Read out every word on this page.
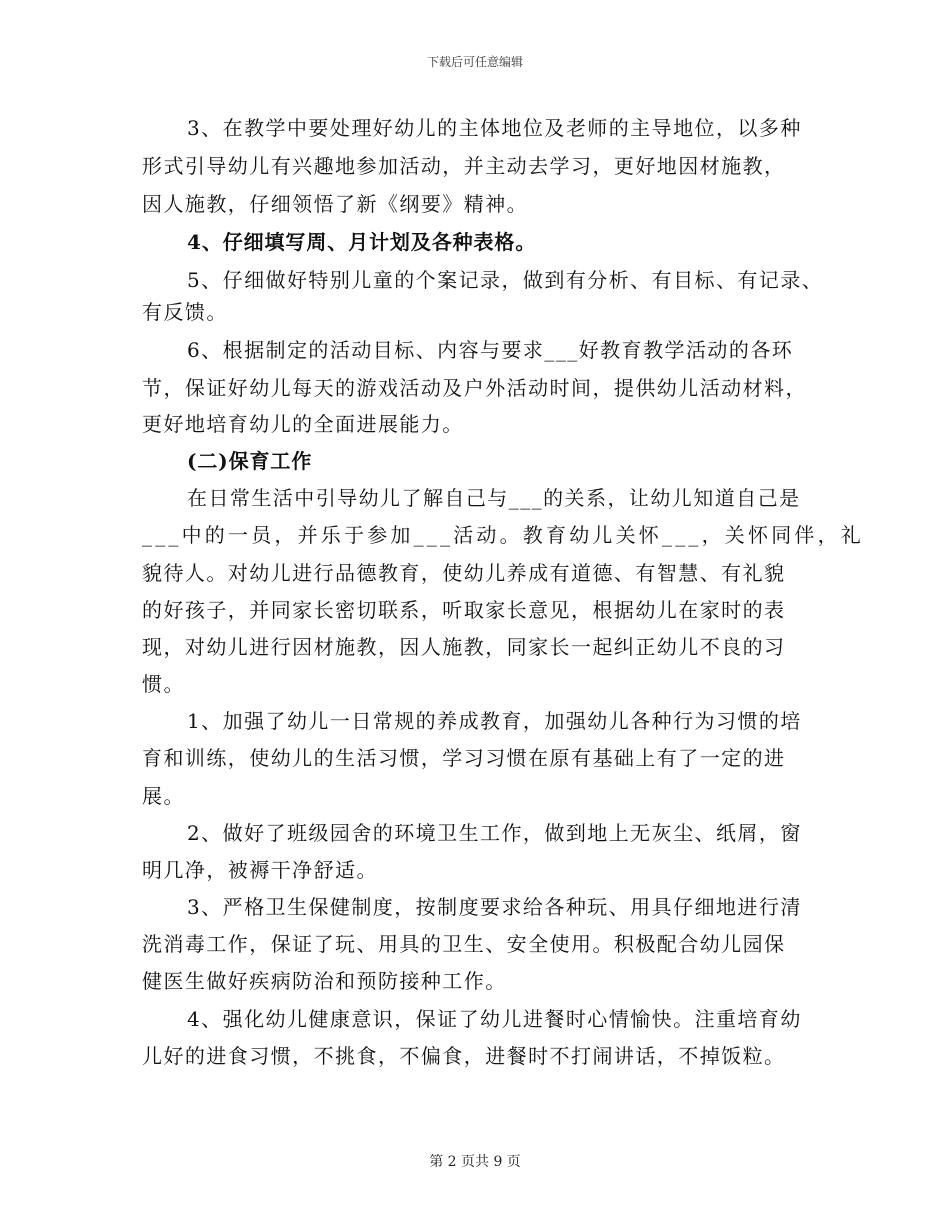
下载后可任意编辑
3、在教学中要处理好幼儿的主体地位及老师的主导地位，以多种
形式引导幼儿有兴趣地参加活动，并主动去学习，更好地因材施教，
因人施教，仔细领悟了新《纲要》精神。
4、仔细填写周、月计划及各种表格。
5、仔细做好特别儿童的个案记录，做到有分析、有目标、有记录、
有反馈。
6、根据制定的活动目标、内容与要求___好教育教学活动的各环
节，保证好幼儿每天的游戏活动及户外活动时间，提供幼儿活动材料，
更好地培育幼儿的全面进展能力。
(二)保育工作
在日常生活中引导幼儿了解自己与___的关系，让幼儿知道自己是
___中的一员，并乐于参加___活动。教育幼儿关怀___，关怀同伴，礼
貌待人。对幼儿进行品德教育，使幼儿养成有道德、有智慧、有礼貌
的好孩子，并同家长密切联系，听取家长意见，根据幼儿在家时的表
现，对幼儿进行因材施教，因人施教，同家长一起纠正幼儿不良的习
惯。
1、加强了幼儿一日常规的养成教育，加强幼儿各种行为习惯的培
育和训练，使幼儿的生活习惯，学习习惯在原有基础上有了一定的进
展。
2、做好了班级园舍的环境卫生工作，做到地上无灰尘、纸屑，窗
明几净，被褥干净舒适。
3、严格卫生保健制度，按制度要求给各种玩、用具仔细地进行清
洗消毒工作，保证了玩、用具的卫生、安全使用。积极配合幼儿园保
健医生做好疾病防治和预防接种工作。
4、强化幼儿健康意识，保证了幼儿进餐时心情愉快。注重培育幼
儿好的进食习惯，不挑食，不偏食，进餐时不打闹讲话，不掉饭粒。
第 2 页共 9 页
